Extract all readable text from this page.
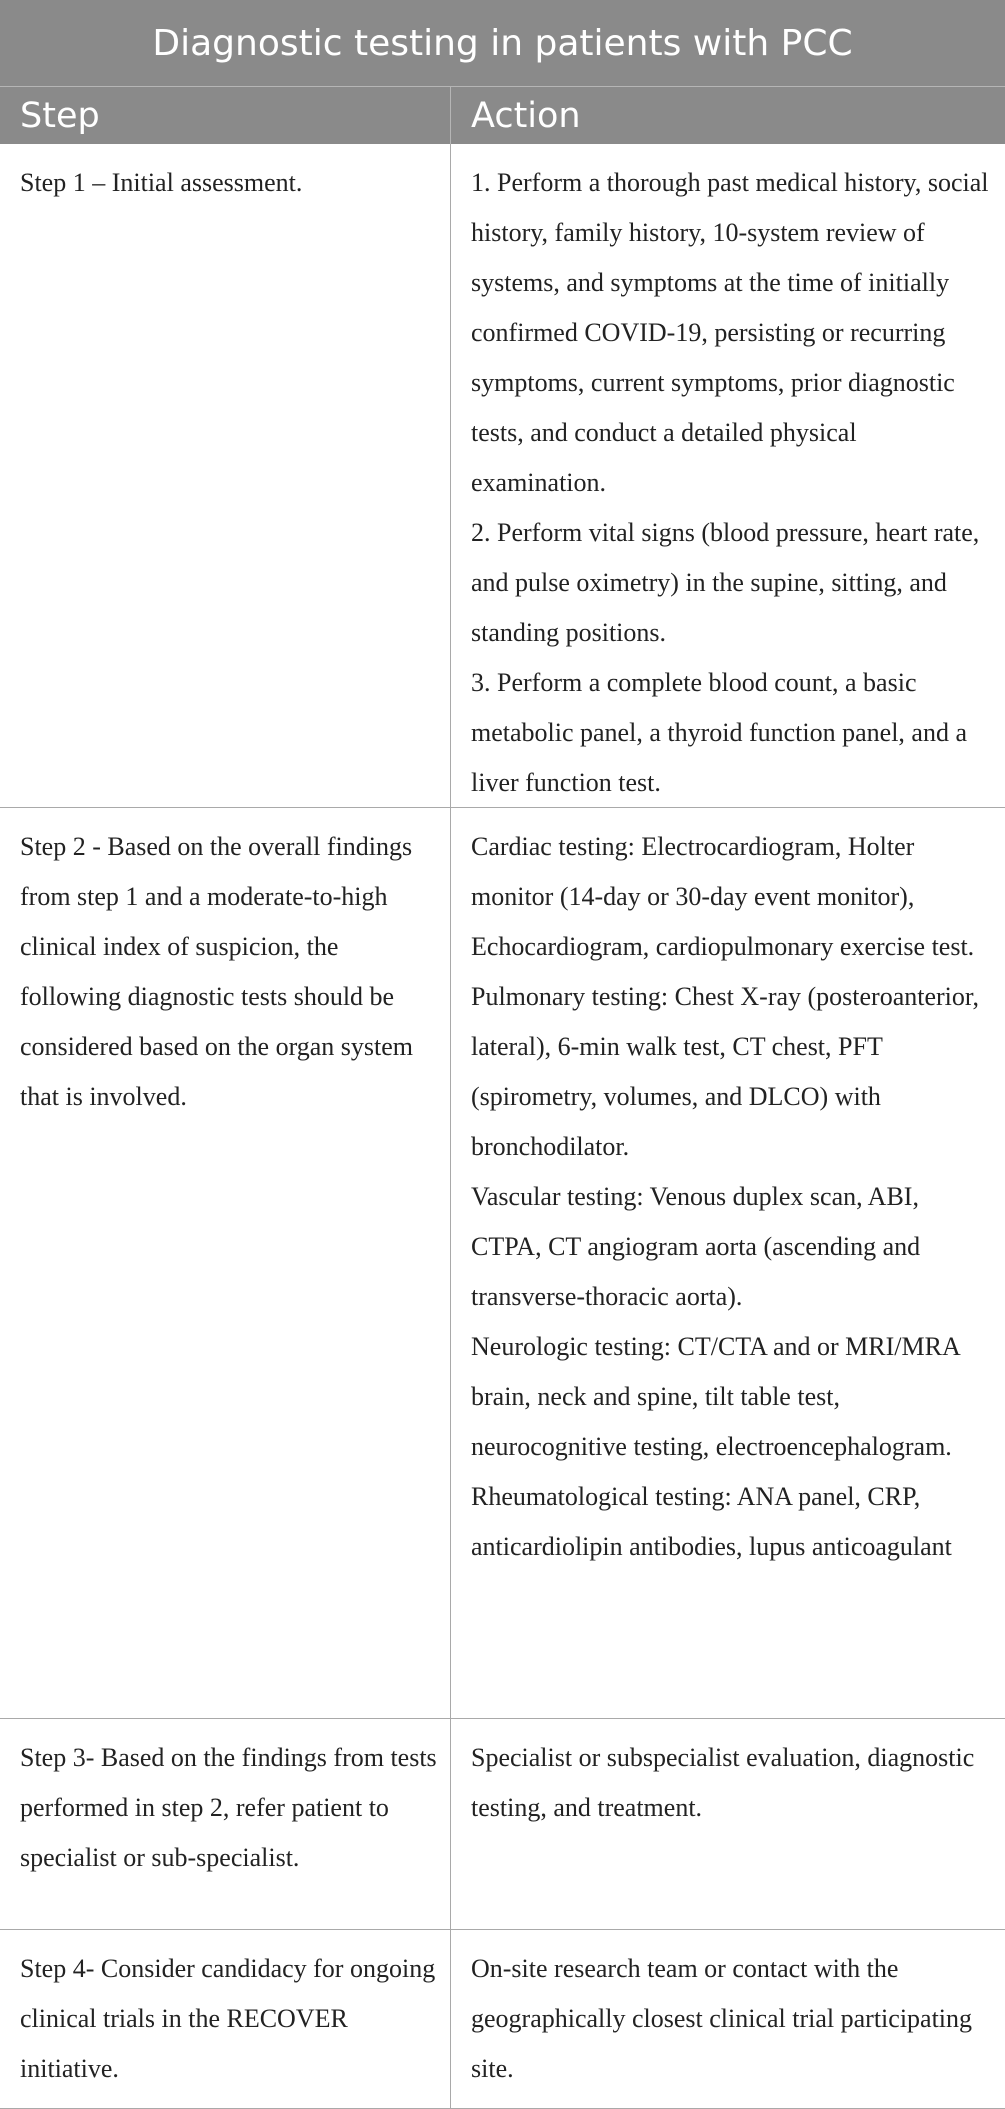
Diagnostic testing in patients with PCC
Step	Action
Step 1 – Initial assessment.	1. Perform a thorough past medical history, social history, family history, 10-system review of systems, and symptoms at the time of initially confirmed COVID-19, persisting or recurring symptoms, current symptoms, prior diagnostic tests, and conduct a detailed physical examination.

2. Perform vital signs (blood pressure, heart rate, and pulse oximetry) in the supine, sitting, and standing positions.

3. Perform a complete blood count, a basic metabolic panel, a thyroid function panel, and a liver function test.

Step 2 - Based on the overall findings from step 1 and a moderate-to-high clinical index of suspicion, the following diagnostic tests should be considered based on the organ system that is involved.

Cardiac testing: Electrocardiogram, Holter monitor (14-day or 30-day event monitor), Echocardiogram, cardiopulmonary exercise test.

Pulmonary testing: Chest X-ray (posteroanterior, lateral), 6-min walk test, CT chest, PFT (spirometry, volumes, and DLCO) with bronchodilator.

Vascular testing: Venous duplex scan, ABI, CTPA, CT angiogram aorta (ascending and transverse-thoracic aorta).

Neurologic testing: CT/CTA and or MRI/MRA brain, neck and spine, tilt table test, neurocognitive testing, electroencephalogram.

Rheumatological testing: ANA panel, CRP, anticardiolipin antibodies, lupus anticoagulant

Step 3- Based on the findings from tests performed in step 2, refer patient to specialist or sub-specialist.

Specialist or subspecialist evaluation, diagnostic testing, and treatment.

Step 4- Consider candidacy for ongoing clinical trials in the RECOVER initiative.

On-site research team or contact with the geographically closest clinical trial participating site.
